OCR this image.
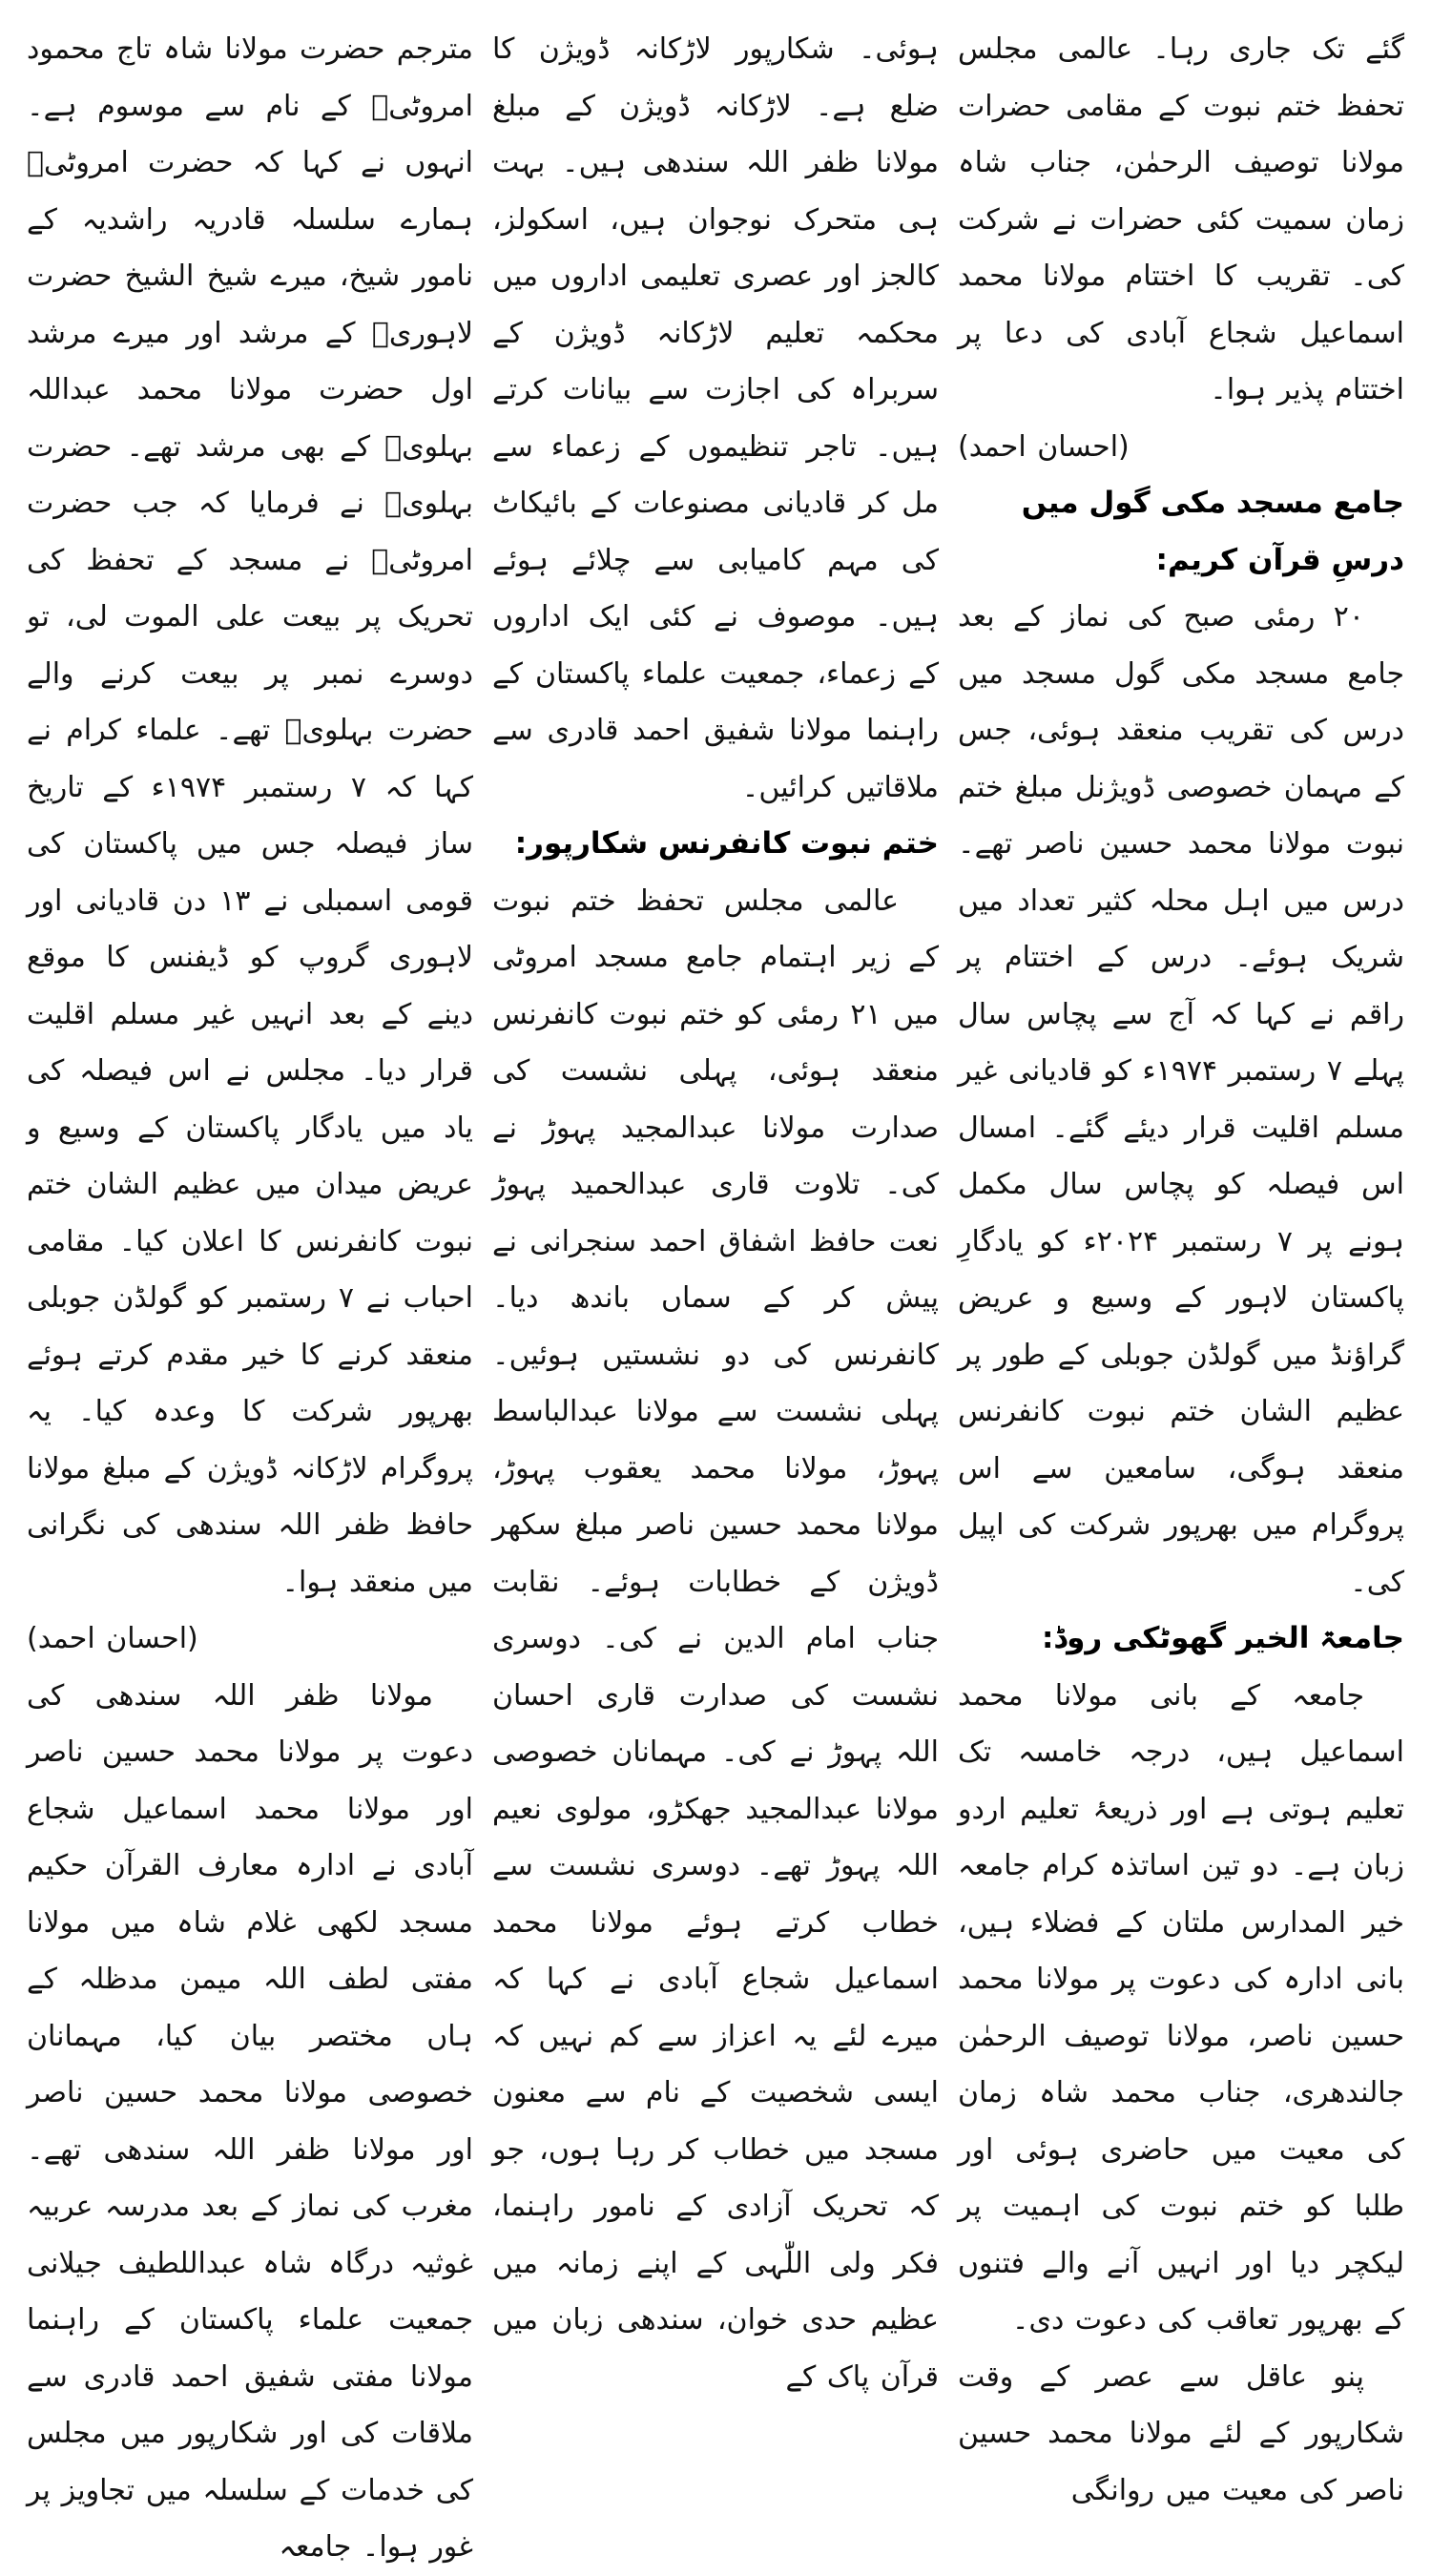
گئے تک جاری رہا۔ عالمی مجلس تحفظ ختم نبوت کے مقامی حضرات مولانا توصیف الرحمٰن، جناب شاہ زمان سمیت کئی حضرات نے شرکت کی۔ تقریب کا اختتام مولانا محمد اسماعیل شجاع آبادی کی دعا پر اختتام پذیر ہوا۔

(احسان احمد)

جامع مسجد مکی گول میں درسِ قرآن کریم:

۲۰ رمئی صبح کی نماز کے بعد جامع مسجد مکی گول مسجد میں درس کی تقریب منعقد ہوئی، جس کے مہمان خصوصی ڈویژنل مبلغ ختم نبوت مولانا محمد حسین ناصر تھے۔ درس میں اہل محلہ کثیر تعداد میں شریک ہوئے۔ درس کے اختتام پر راقم نے کہا کہ آج سے پچاس سال پہلے ۷ رستمبر ۱۹۷۴ء کو قادیانی غیر مسلم اقلیت قرار دیئے گئے۔ امسال اس فیصلہ کو پچاس سال مکمل ہونے پر ۷ رستمبر ۲۰۲۴ء کو یادگارِ پاکستان لاہور کے وسیع و عریض گراؤنڈ میں گولڈن جوبلی کے طور پر عظیم الشان ختم نبوت کانفرنس منعقد ہوگی، سامعین سے اس پروگرام میں بھرپور شرکت کی اپیل کی۔

جامعۃ الخیر گھوٹکی روڈ:

جامعہ کے بانی مولانا محمد اسماعیل ہیں، درجہ خامسہ تک تعلیم ہوتی ہے اور ذریعۂ تعلیم اردو زبان ہے۔ دو تین اساتذہ کرام جامعہ خیر المدارس ملتان کے فضلاء ہیں، بانی ادارہ کی دعوت پر مولانا محمد حسین ناصر، مولانا توصیف الرحمٰن جالندھری، جناب محمد شاہ زمان کی معیت میں حاضری ہوئی اور طلبا کو ختم نبوت کی اہمیت پر لیکچر دیا اور انہیں آنے والے فتنوں کے بھرپور تعاقب کی دعوت دی۔

پنو عاقل سے عصر کے وقت شکارپور کے لئے مولانا محمد حسین ناصر کی معیت میں روانگی

ہوئی۔ شکارپور لاڑکانہ ڈویژن کا ضلع ہے۔ لاڑکانہ ڈویژن کے مبلغ مولانا ظفر اللہ سندھی ہیں۔ بہت ہی متحرک نوجوان ہیں، اسکولز، کالجز اور عصری تعلیمی اداروں میں محکمہ تعلیم لاڑکانہ ڈویژن کے سربراہ کی اجازت سے بیانات کرتے ہیں۔ تاجر تنظیموں کے زعماء سے مل کر قادیانی مصنوعات کے بائیکاٹ کی مہم کامیابی سے چلائے ہوئے ہیں۔ موصوف نے کئی ایک اداروں کے زعماء، جمعیت علماء پاکستان کے راہنما مولانا شفیق احمد قادری سے ملاقاتیں کرائیں۔

ختم نبوت کانفرنس شکارپور:

عالمی مجلس تحفظ ختم نبوت کے زیر اہتمام جامع مسجد امروٹی میں ۲۱ رمئی کو ختم نبوت کانفرنس منعقد ہوئی، پہلی نشست کی صدارت مولانا عبدالمجید پہوڑ نے کی۔ تلاوت قاری عبدالحمید پہوڑ نعت حافظ اشفاق احمد سنجرانی نے پیش کر کے سماں باندھ دیا۔ کانفرنس کی دو نشستیں ہوئیں۔ پہلی نشست سے مولانا عبدالباسط پہوڑ، مولانا محمد یعقوب پہوڑ، مولانا محمد حسین ناصر مبلغ سکھر ڈویژن کے خطابات ہوئے۔ نقابت جناب امام الدین نے کی۔ دوسری نشست کی صدارت قاری احسان اللہ پہوڑ نے کی۔ مہمانان خصوصی مولانا عبدالمجید جھکڑو، مولوی نعیم اللہ پہوڑ تھے۔ دوسری نشست سے خطاب کرتے ہوئے مولانا محمد اسماعیل شجاع آبادی نے کہا کہ میرے لئے یہ اعزاز سے کم نہیں کہ ایسی شخصیت کے نام سے معنون مسجد میں خطاب کر رہا ہوں، جو کہ تحریک آزادی کے نامور راہنما، فکر ولی اللّٰہی کے اپنے زمانہ میں عظیم حدی خوان، سندھی زبان میں قرآن پاک کے

مترجم حضرت مولانا شاہ تاج محمود امروٹیؒ کے نام سے موسوم ہے۔ انہوں نے کہا کہ حضرت امروٹیؒ ہمارے سلسلہ قادریہ راشدیہ کے نامور شیخ، میرے شیخ الشیخ حضرت لاہوریؒ کے مرشد اور میرے مرشد اول حضرت مولانا محمد عبداللہ بہلویؒ کے بھی مرشد تھے۔ حضرت بہلویؒ نے فرمایا کہ جب حضرت امروٹیؒ نے مسجد کے تحفظ کی تحریک پر بیعت علی الموت لی، تو دوسرے نمبر پر بیعت کرنے والے حضرت بہلویؒ تھے۔ علماء کرام نے کہا کہ ۷ رستمبر ۱۹۷۴ء کے تاریخ ساز فیصلہ جس میں پاکستان کی قومی اسمبلی نے ۱۳ دن قادیانی اور لاہوری گروپ کو ڈیفنس کا موقع دینے کے بعد انہیں غیر مسلم اقلیت قرار دیا۔ مجلس نے اس فیصلہ کی یاد میں یادگار پاکستان کے وسیع و عریض میدان میں عظیم الشان ختم نبوت کانفرنس کا اعلان کیا۔ مقامی احباب نے ۷ رستمبر کو گولڈن جوبلی منعقد کرنے کا خیر مقدم کرتے ہوئے بھرپور شرکت کا وعدہ کیا۔ یہ پروگرام لاڑکانہ ڈویژن کے مبلغ مولانا حافظ ظفر اللہ سندھی کی نگرانی میں منعقد ہوا۔

(احسان احمد)

مولانا ظفر اللہ سندھی کی دعوت پر مولانا محمد حسین ناصر اور مولانا محمد اسماعیل شجاع آبادی نے ادارہ معارف القرآن حکیم مسجد لکھی غلام شاہ میں مولانا مفتی لطف اللہ میمن مدظلہ کے ہاں مختصر بیان کیا، مہمانان خصوصی مولانا محمد حسین ناصر اور مولانا ظفر اللہ سندھی تھے۔ مغرب کی نماز کے بعد مدرسہ عربیہ غوثیہ درگاہ شاہ عبداللطیف جیلانی جمعیت علماء پاکستان کے راہنما مولانا مفتی شفیق احمد قادری سے ملاقات کی اور شکارپور میں مجلس کی خدمات کے سلسلہ میں تجاویز پر غور ہوا۔ جامعہ
